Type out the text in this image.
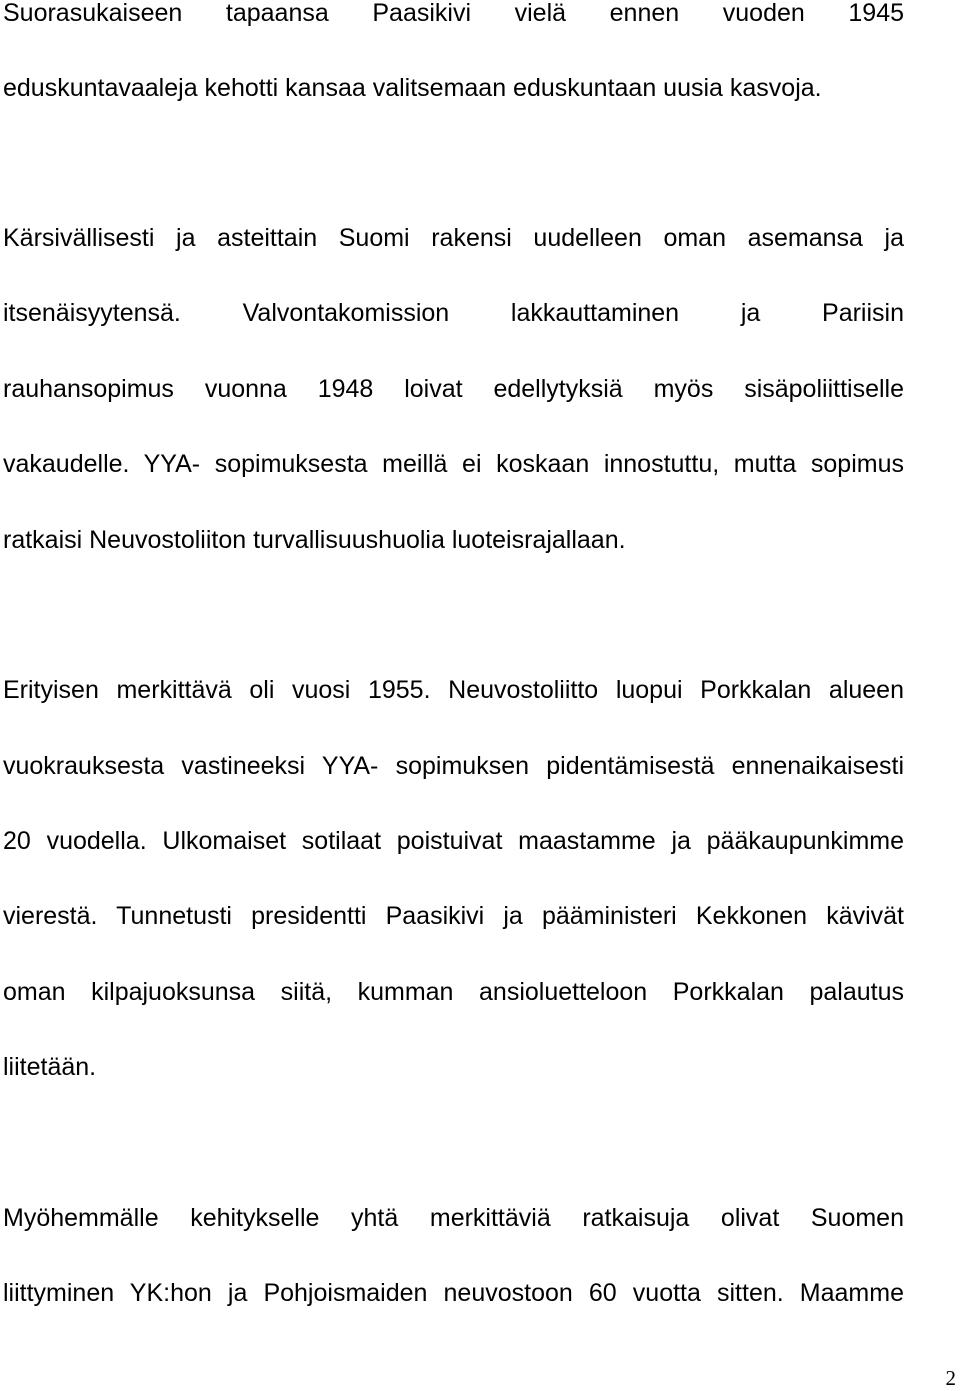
Suorasukaiseen tapaansa Paasikivi vielä ennen vuoden 1945
eduskuntavaaleja kehotti kansaa valitsemaan eduskuntaan uusia kasvoja.
Kärsivällisesti ja asteittain Suomi rakensi uudelleen oman asemansa ja
itsenäisyytensä. Valvontakomission lakkauttaminen ja Pariisin
rauhansopimus vuonna 1948 loivat edellytyksiä myös sisäpoliittiselle
vakaudelle. YYA- sopimuksesta meillä ei koskaan innostuttu, mutta sopimus
ratkaisi Neuvostoliiton turvallisuushuolia luoteisrajallaan.
Erityisen merkittävä oli vuosi 1955. Neuvostoliitto luopui Porkkalan alueen
vuokrauksesta vastineeksi YYA- sopimuksen pidentämisestä ennenaikaisesti
20 vuodella. Ulkomaiset sotilaat poistuivat maastamme ja pääkaupunkimme
vierestä. Tunnetusti presidentti Paasikivi ja pääministeri Kekkonen kävivät
oman kilpajuoksunsa siitä, kumman ansioluetteloon Porkkalan palautus
liitetään.
Myöhemmälle kehitykselle yhtä merkittäviä ratkaisuja olivat Suomen
liittyminen YK:hon ja Pohjoismaiden neuvostoon 60 vuotta sitten. Maamme
2
